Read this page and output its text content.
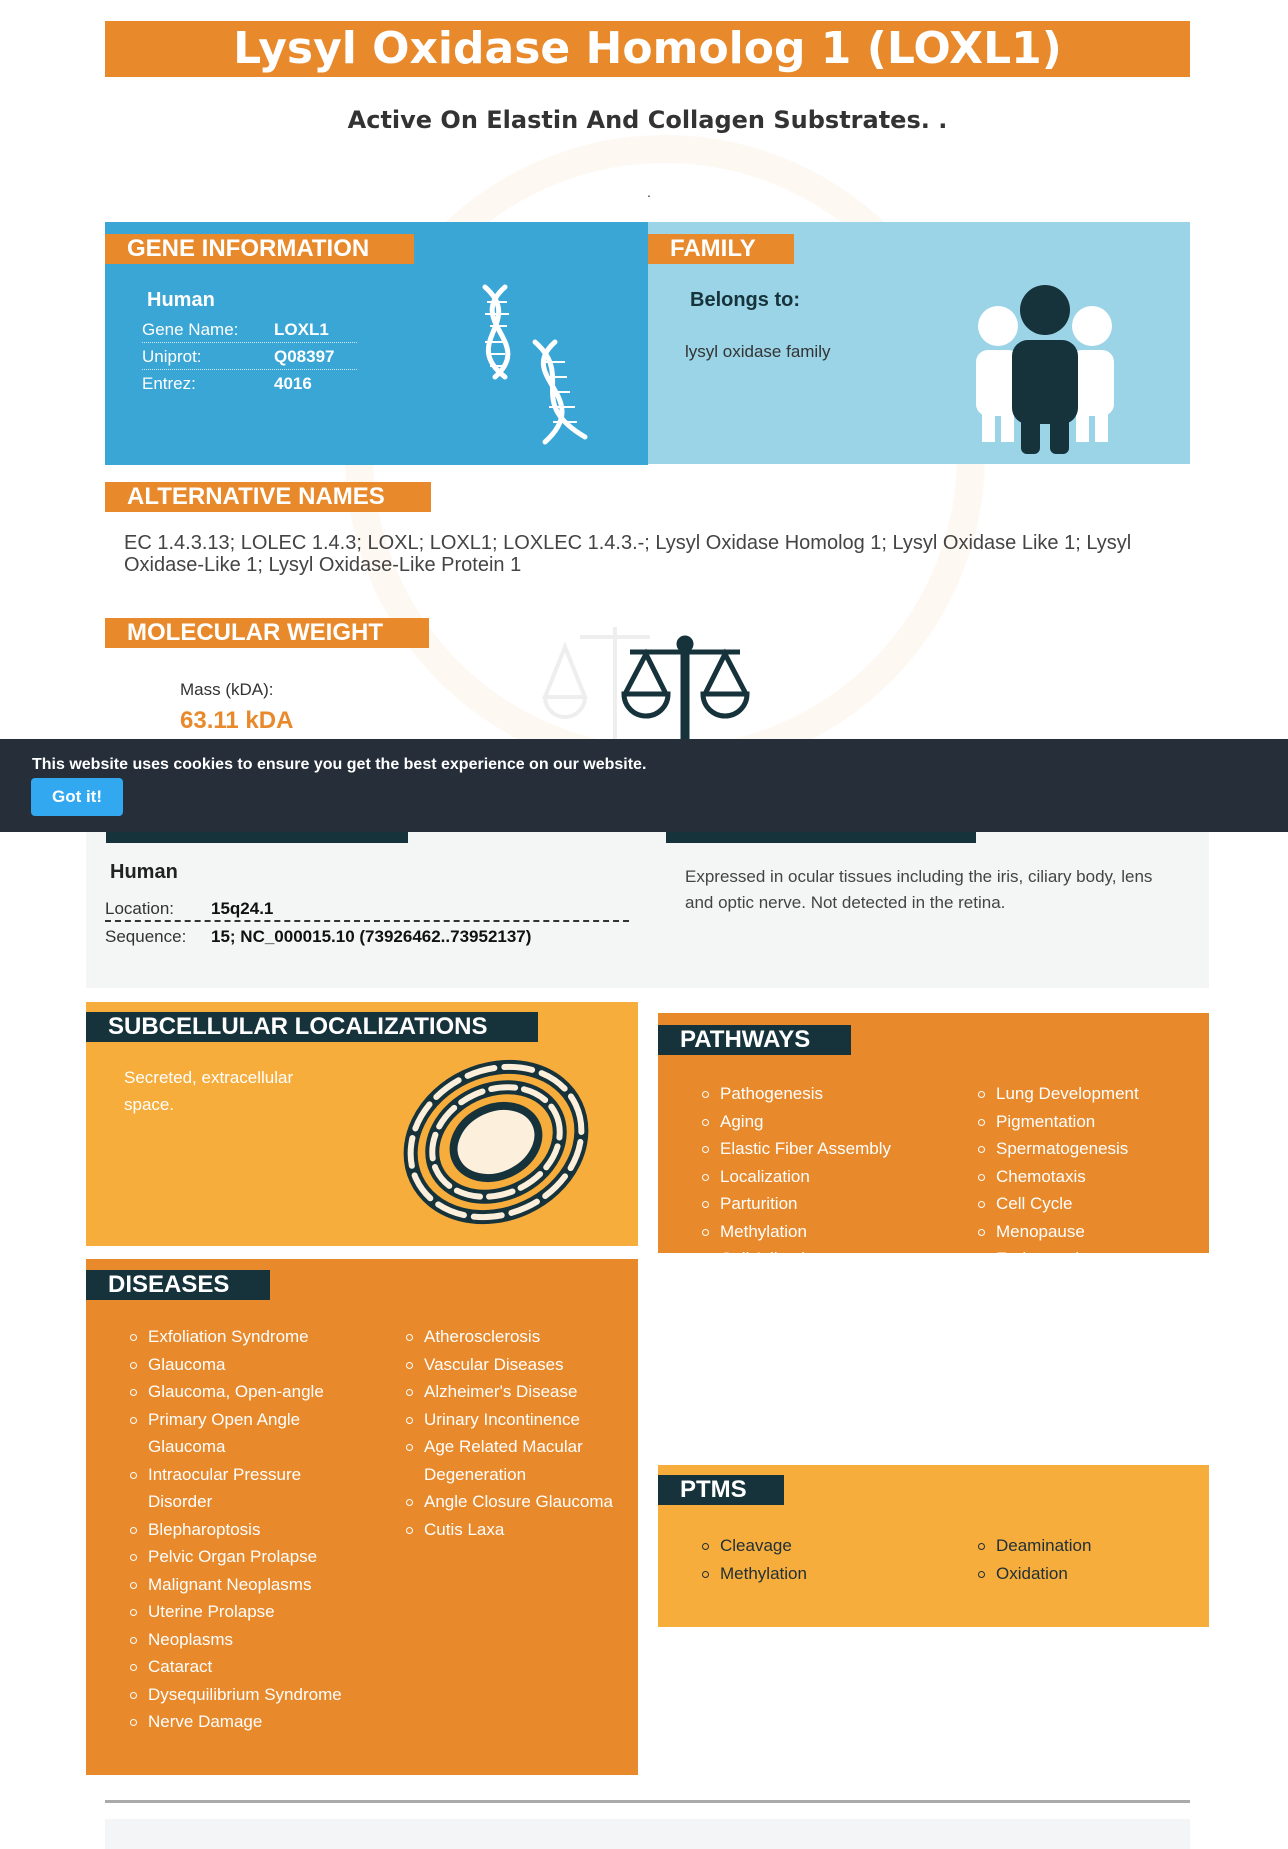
Lysyl Oxidase Homolog 1 (LOXL1)
Active On Elastin And Collagen Substrates. .
.
GENE INFORMATION
Human
Gene Name: LOXL1
Uniprot:	Q08397
Entrez:	4016
FAMILY
Belongs to:
lysyl oxidase family
ALTERNATIVE NAMES
EC 1.4.3.13; LOLEC 1.4.3; LOXL; LOXL1; LOXLEC 1.4.3.-; Lysyl Oxidase Homolog 1; Lysyl Oxidase Like 1; Lysyl Oxidase-Like 1; Lysyl Oxidase-Like Protein 1
MOLECULAR WEIGHT
Mass (kDA):
63.11 kDA
Human
Location: 15q24.1
Sequence: 15; NC_000015.10 (73926462..73952137)
Expressed in ocular tissues including the iris, ciliary body, lens and optic nerve. Not detected in the retina.
This website uses cookies to ensure you get the best experience on our website.
Got it!
SUBCELLULAR LOCALIZATIONS
Secreted, extracellular space.
DISEASES
Exfoliation Syndrome
Glaucoma
Glaucoma, Open-angle
Primary Open Angle Glaucoma
Intraocular Pressure Disorder
Blepharoptosis
Pelvic Organ Prolapse
Malignant Neoplasms
Uterine Prolapse
Neoplasms
Cataract
Dysequilibrium Syndrome
Nerve Damage
Atherosclerosis
Vascular Diseases
Alzheimer's Disease
Urinary Incontinence
Age Related Macular Degeneration
Angle Closure Glaucoma
Cutis Laxa
PATHWAYS
Pathogenesis
Aging
Elastic Fiber Assembly
Localization
Parturition
Methylation
Cell Adhesion
Dna Methylation
Notochord Development
Keratinization
Dna Hypermethylation
Gene Silencing
Cellular Senescence
Lung Development
Pigmentation
Spermatogenesis
Chemotaxis
Cell Cycle
Menopause
Endocytosis
PTMS
Cleavage
Methylation
Deamination
Oxidation
